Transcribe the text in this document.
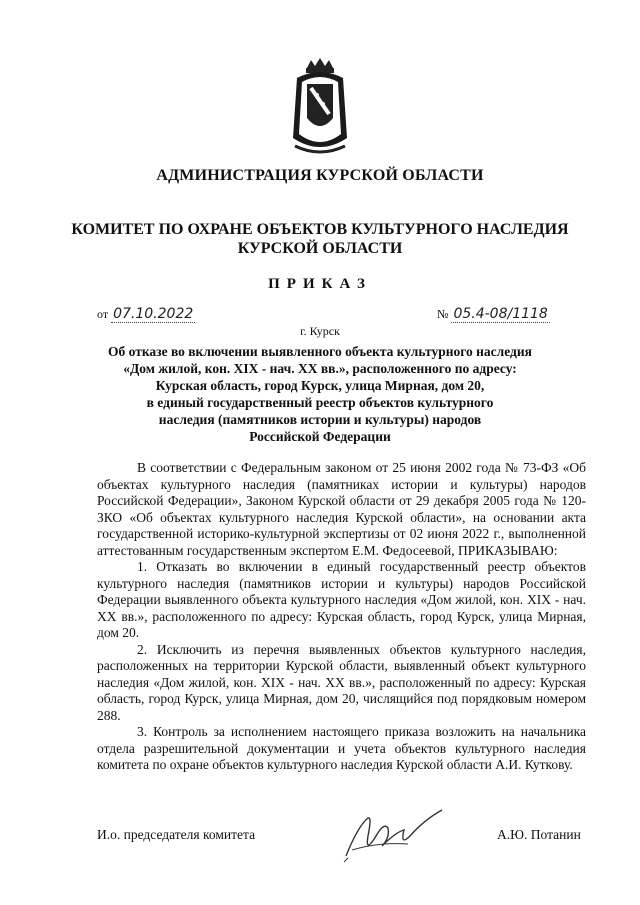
АДМИНИСТРАЦИЯ КУРСКОЙ ОБЛАСТИ
КОМИТЕТ ПО ОХРАНЕ ОБЪЕКТОВ КУЛЬТУРНОГО НАСЛЕДИЯ
КУРСКОЙ ОБЛАСТИ
ПРИКАЗ
от 07.10.2022	№ 05.4-08/1118
г. Курск
Об отказе во включении выявленного объекта культурного наследия
«Дом жилой, кон. XIX - нач. XX вв.», расположенного по адресу:
Курская область, город Курск, улица Мирная, дом 20,
в единый государственный реестр объектов культурного
наследия (памятников истории и культуры) народов
Российской Федерации

В соответствии с Федеральным законом от 25 июня 2002 года № 73-ФЗ «Об объектах культурного наследия (памятниках истории и культуры) народов Российской Федерации», Законом Курской области от 29 декабря 2005 года № 120-ЗКО «Об объектах культурного наследия Курской области», на основании акта государственной историко-культурной экспертизы от 02 июня 2022 г., выполненной аттестованным государственным экспертом Е.М. Федосеевой, ПРИКАЗЫВАЮ:

1. Отказать во включении в единый государственный реестр объектов культурного наследия (памятников истории и культуры) народов Российской Федерации выявленного объекта культурного наследия «Дом жилой, кон. XIX - нач. XX вв.», расположенного по адресу: Курская область, город Курск, улица Мирная, дом 20.

2. Исключить из перечня выявленных объектов культурного наследия, расположенных на территории Курской области, выявленный объект культурного наследия «Дом жилой, кон. XIX - нач. XX вв.», расположенный по адресу: Курская область, город Курск, улица Мирная, дом 20, числящийся под порядковым номером 288.

3. Контроль за исполнением настоящего приказа возложить на начальника отдела разрешительной документации и учета объектов культурного наследия комитета по охране объектов культурного наследия Курской области А.И. Куткову.

И.о. председателя комитета	А.Ю. Потанин
